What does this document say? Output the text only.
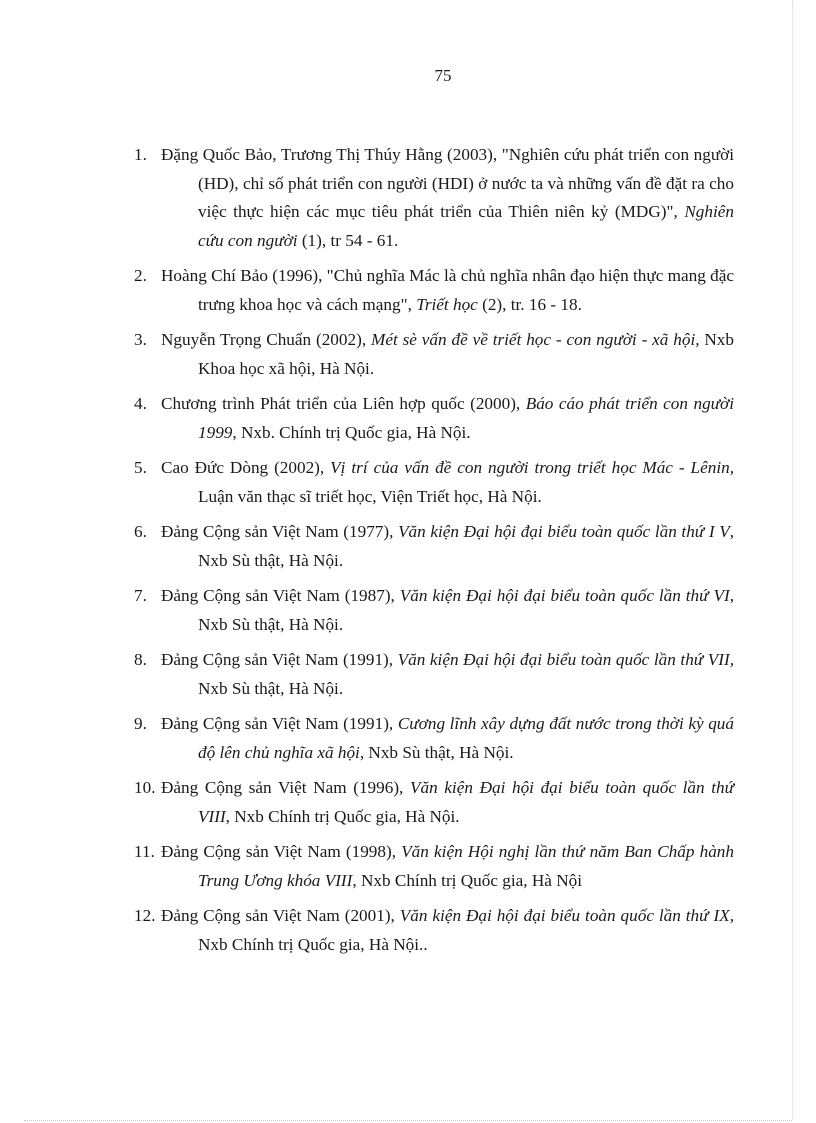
75
1. Đặng Quốc Bảo, Trương Thị Thúy Hằng (2003), "Nghiên cứu phát triển con người (HD), chỉ số phát triển con người (HDI) ở nước ta và những vấn đề đặt ra cho việc thực hiện các mục tiêu phát triển của Thiên niên kỷ (MDG)", Nghiên cứu con người (1), tr 54 - 61.
2. Hoàng Chí Bảo (1996), "Chủ nghĩa Mác là chủ nghĩa nhân đạo hiện thực mang đặc trưng khoa học và cách mạng", Triết học (2), tr. 16 - 18.
3. Nguyễn Trọng Chuẩn (2002), Mét sè vấn đề về triết học - con người - xã hội, Nxb Khoa học xã hội, Hà Nội.
4. Chương trình Phát triển của Liên hợp quốc (2000), Báo cáo phát triển con người 1999, Nxb. Chính trị Quốc gia, Hà Nội.
5. Cao Đức Dòng (2002), Vị trí của vấn đề con người trong triết học Mác - Lênin, Luận văn thạc sĩ triết học, Viện Triết học, Hà Nội.
6. Đảng Cộng sản Việt Nam (1977), Văn kiện Đại hội đại biểu toàn quốc lần thứ I V, Nxb Sù thật, Hà Nội.
7. Đảng Cộng sản Việt Nam (1987), Văn kiện Đại hội đại biểu toàn quốc lần thứ VI, Nxb Sù thật, Hà Nội.
8. Đảng Cộng sản Việt Nam (1991), Văn kiện Đại hội đại biểu toàn quốc lần thứ VII, Nxb Sù thật, Hà Nội.
9. Đảng Cộng sản Việt Nam (1991), Cương lĩnh xây dựng đất nước trong thời kỳ quá độ lên chủ nghĩa xã hội, Nxb Sù thật, Hà Nội.
10. Đảng Cộng sản Việt Nam (1996), Văn kiện Đại hội đại biểu toàn quốc lần thứ VIII, Nxb Chính trị Quốc gia, Hà Nội.
11. Đảng Cộng sản Việt Nam (1998), Văn kiện Hội nghị lần thứ năm Ban Chấp hành Trung Ương khóa VIII, Nxb Chính trị Quốc gia, Hà Nội
12. Đảng Cộng sản Việt Nam (2001), Văn kiện Đại hội đại biểu toàn quốc lần thứ IX, Nxb Chính trị Quốc gia, Hà Nội..
